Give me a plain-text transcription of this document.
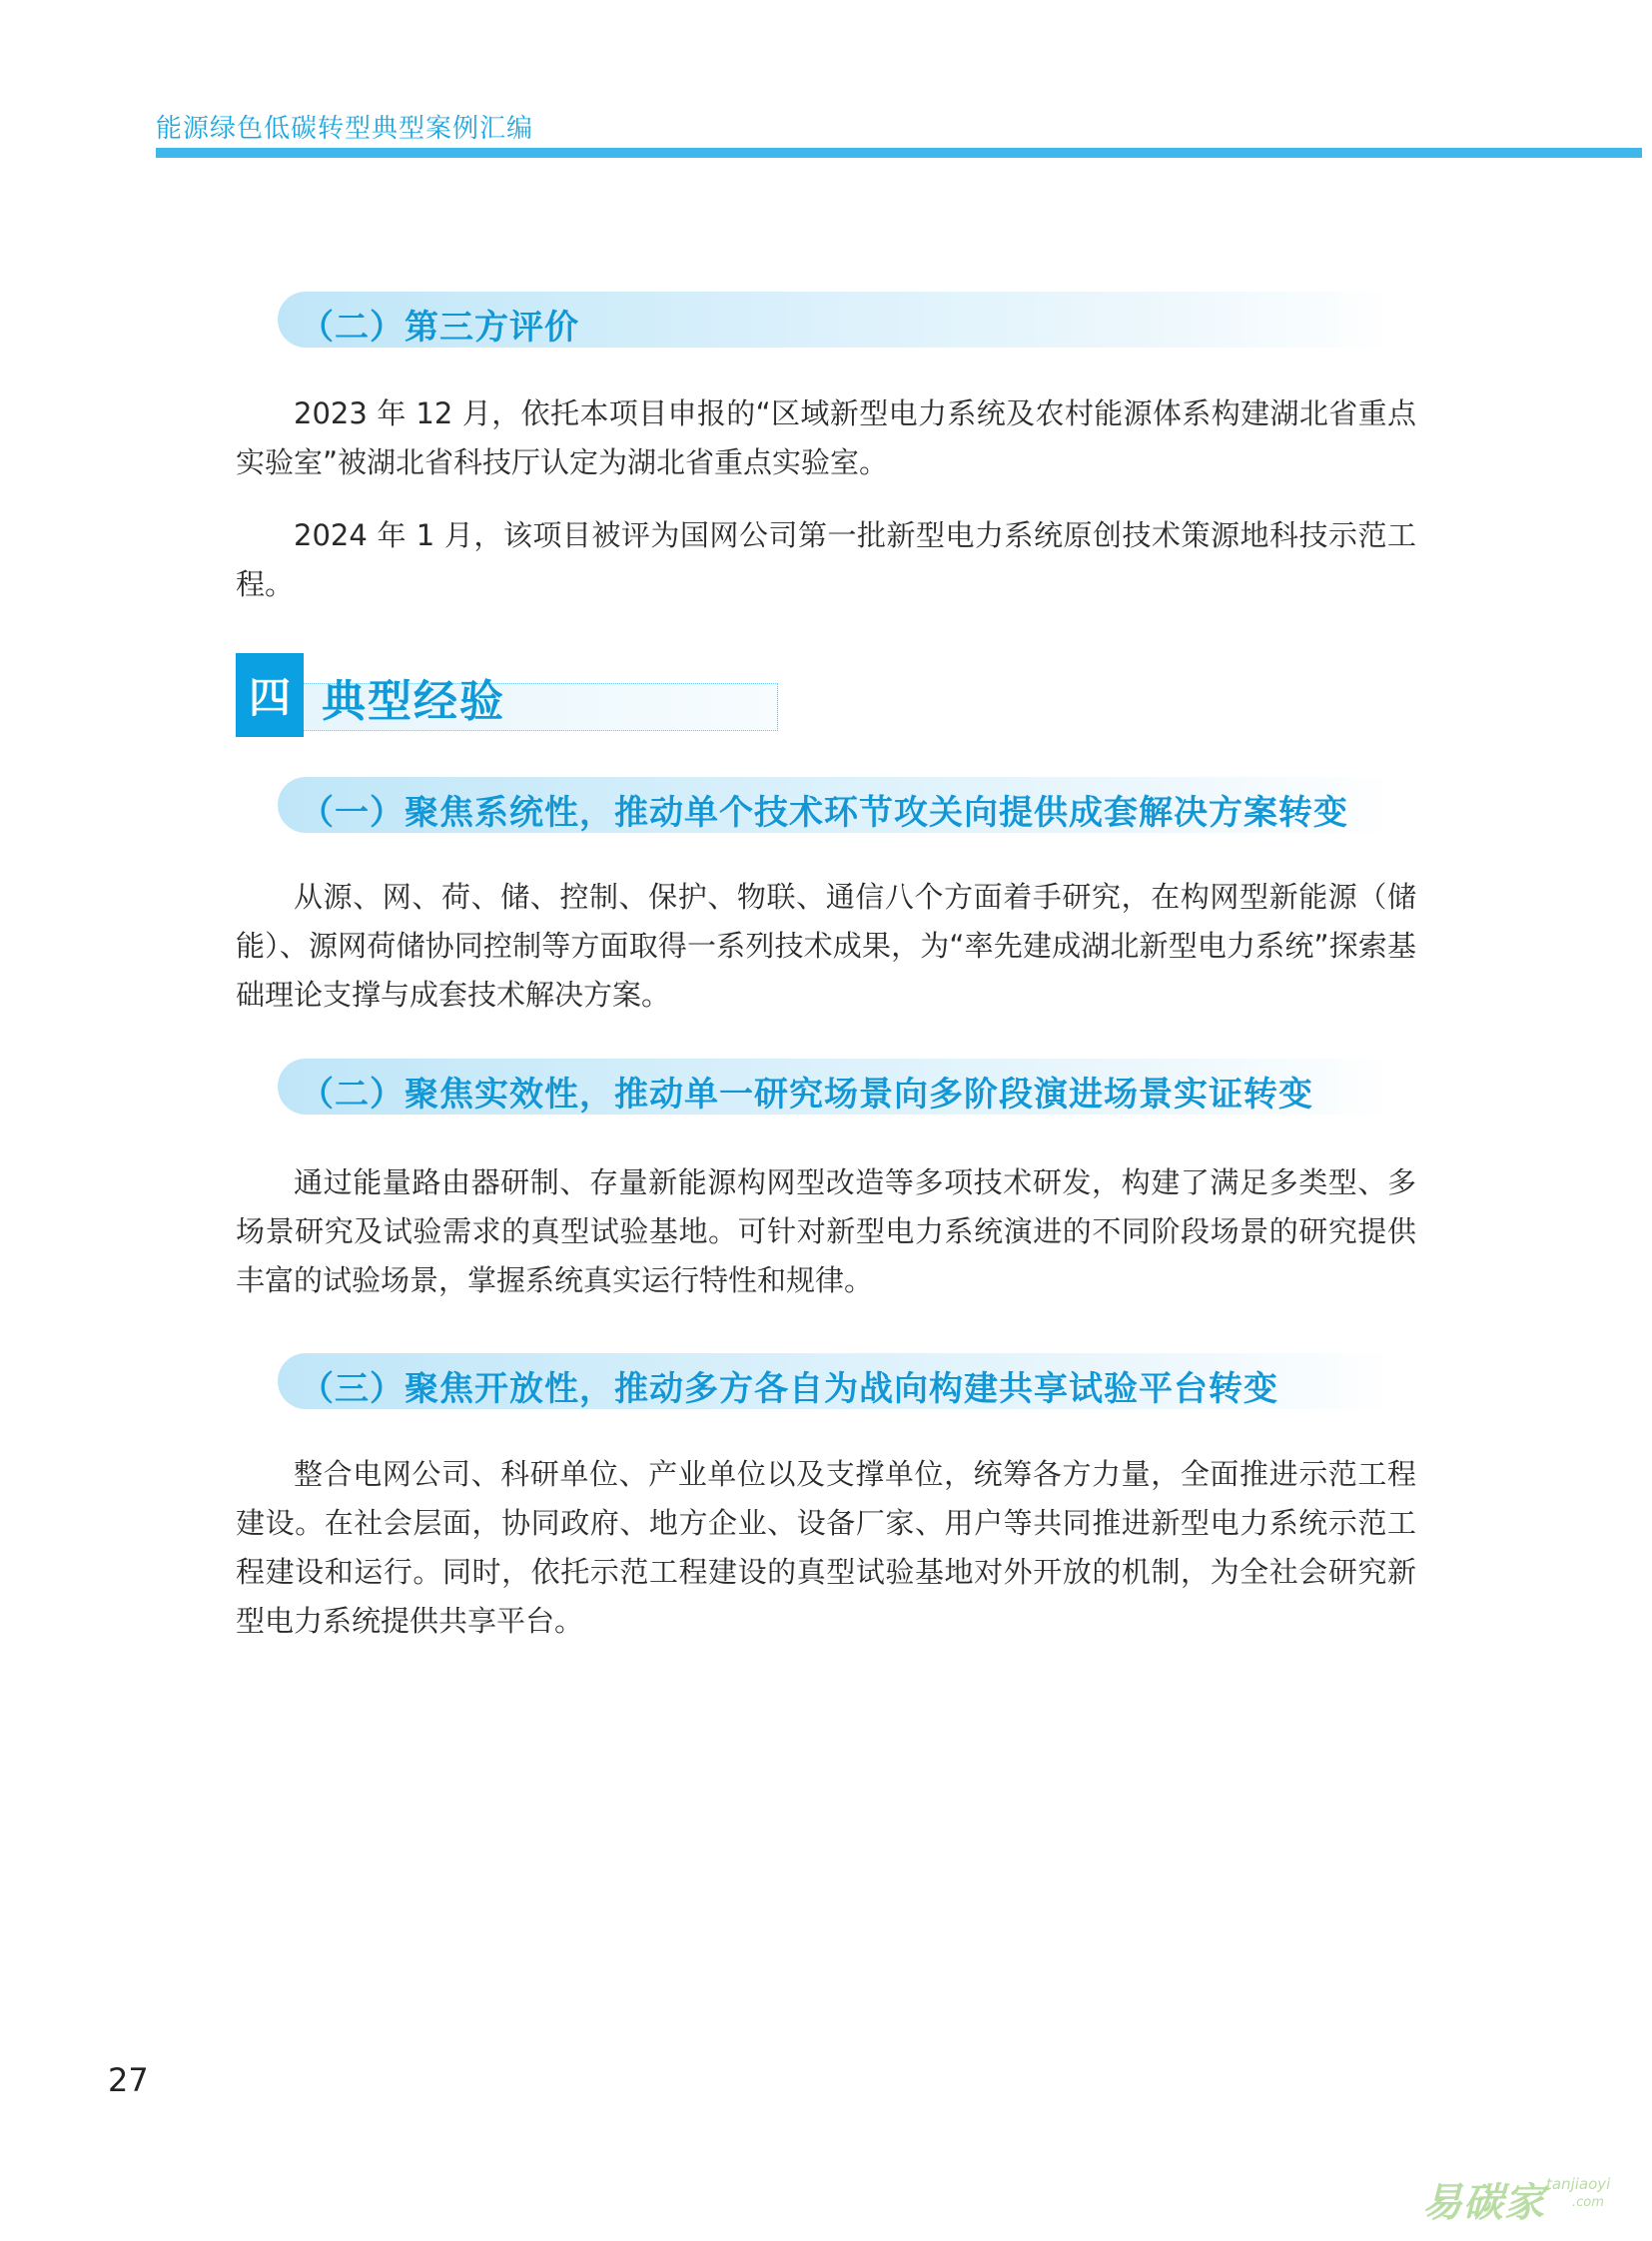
能源绿色低碳转型典型案例汇编
（二）第三方评价

2023 年 12 月，依托本项目申报的“区域新型电力系统及农村能源体系构建湖北省重点实验室”被湖北省科技厅认定为湖北省重点实验室。

2024 年 1 月，该项目被评为国网公司第一批新型电力系统原创技术策源地科技示范工程。

四 典型经验
（一）聚焦系统性，推动单个技术环节攻关向提供成套解决方案转变

从源、网、荷、储、控制、保护、物联、通信八个方面着手研究，在构网型新能源（储能）、源网荷储协同控制等方面取得一系列技术成果，为“率先建成湖北新型电力系统”探索基础理论支撑与成套技术解决方案。

（二）聚焦实效性，推动单一研究场景向多阶段演进场景实证转变

通过能量路由器研制、存量新能源构网型改造等多项技术研发，构建了满足多类型、多场景研究及试验需求的真型试验基地。可针对新型电力系统演进的不同阶段场景的研究提供丰富的试验场景，掌握系统真实运行特性和规律。

（三）聚焦开放性，推动多方各自为战向构建共享试验平台转变

整合电网公司、科研单位、产业单位以及支撑单位，统筹各方力量，全面推进示范工程建设。在社会层面，协同政府、地方企业、设备厂家、用户等共同推进新型电力系统示范工程建设和运行。同时，依托示范工程建设的真型试验基地对外开放的机制，为全社会研究新型电力系统提供共享平台。

27
易碳家 tanjiaoyi
.com
